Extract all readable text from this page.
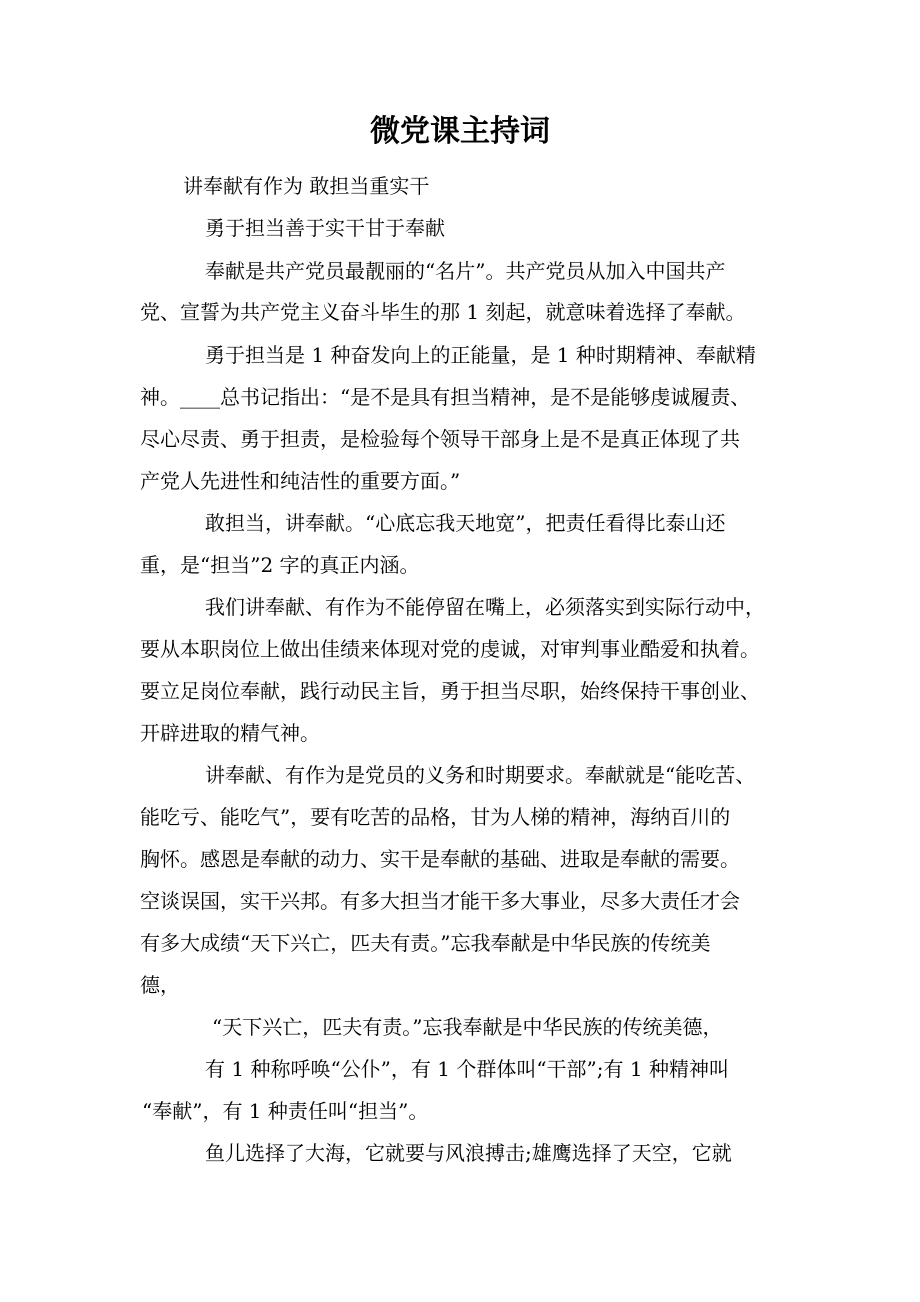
微党课主持词
讲奉献有作为 敢担当重实干
勇于担当善于实干甘于奉献
奉献是共产党员最靓丽的“名片”。共产党员从加入中国共产
党、宣誓为共产党主义奋斗毕生的那 1 刻起，就意味着选择了奉献。
勇于担当是 1 种奋发向上的正能量，是 1 种时期精神、奉献精
神。____总书记指出：“是不是具有担当精神，是不是能够虔诚履责、
尽心尽责、勇于担责，是检验每个领导干部身上是不是真正体现了共
产党人先进性和纯洁性的重要方面。”
敢担当，讲奉献。“心底忘我天地宽”，把责任看得比泰山还
重，是“担当”2 字的真正内涵。
我们讲奉献、有作为不能停留在嘴上，必须落实到实际行动中，
要从本职岗位上做出佳绩来体现对党的虔诚，对审判事业酷爱和执着。
要立足岗位奉献，践行动民主旨，勇于担当尽职，始终保持干事创业、
开辟进取的精气神。
讲奉献、有作为是党员的义务和时期要求。奉献就是“能吃苦、
能吃亏、能吃气”，要有吃苦的品格，甘为人梯的精神，海纳百川的
胸怀。感恩是奉献的动力、实干是奉献的基础、进取是奉献的需要。
空谈误国，实干兴邦。有多大担当才能干多大事业，尽多大责任才会
有多大成绩“天下兴亡，匹夫有责。”忘我奉献是中华民族的传统美
德，
“天下兴亡，匹夫有责。”忘我奉献是中华民族的传统美德，
有 1 种称呼唤“公仆”，有 1 个群体叫“干部”;有 1 种精神叫
“奉献”，有 1 种责任叫“担当”。
鱼儿选择了大海，它就要与风浪搏击;雄鹰选择了天空，它就
